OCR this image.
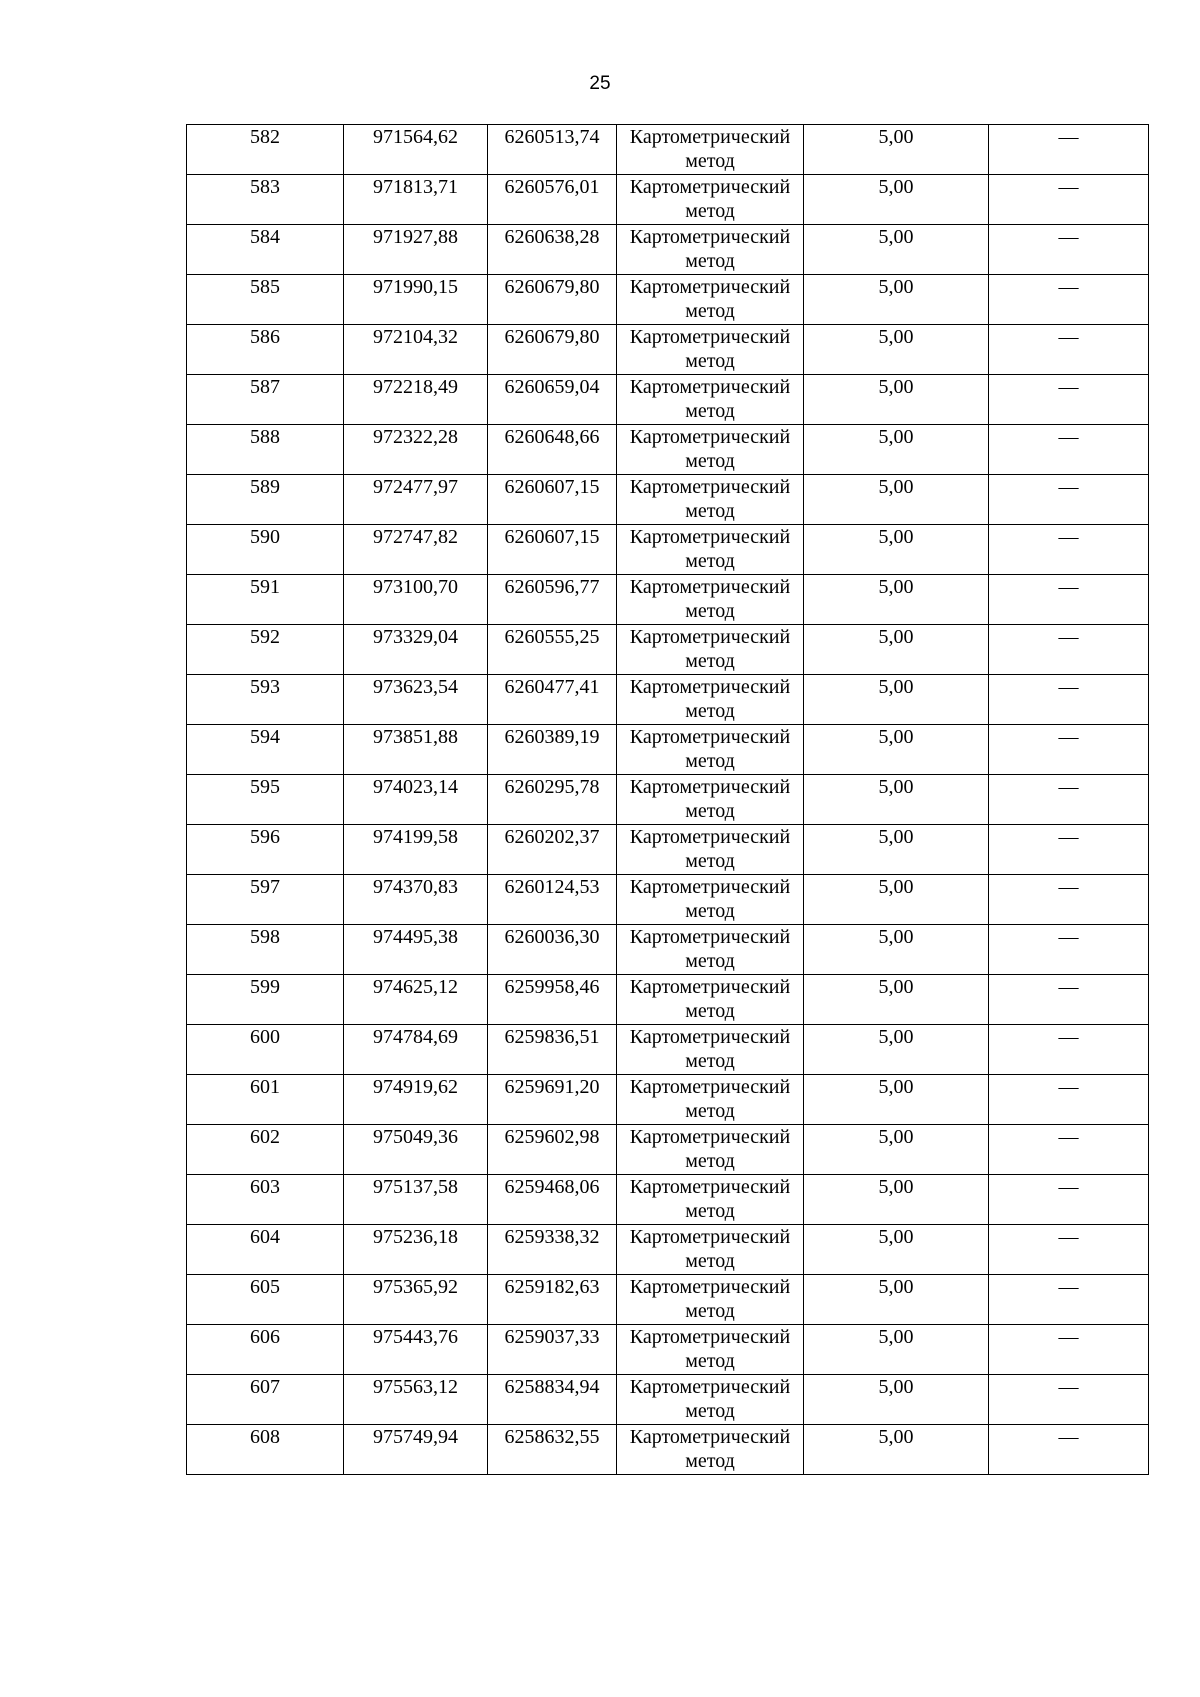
25
582	971564,62	6260513,74	Картометрический метод	5,00	—
583	971813,71	6260576,01	Картометрический метод	5,00	—
584	971927,88	6260638,28	Картометрический метод	5,00	—
585	971990,15	6260679,80	Картометрический метод	5,00	—
586	972104,32	6260679,80	Картометрический метод	5,00	—
587	972218,49	6260659,04	Картометрический метод	5,00	—
588	972322,28	6260648,66	Картометрический метод	5,00	—
589	972477,97	6260607,15	Картометрический метод	5,00	—
590	972747,82	6260607,15	Картометрический метод	5,00	—
591	973100,70	6260596,77	Картометрический метод	5,00	—
592	973329,04	6260555,25	Картометрический метод	5,00	—
593	973623,54	6260477,41	Картометрический метод	5,00	—
594	973851,88	6260389,19	Картометрический метод	5,00	—
595	974023,14	6260295,78	Картометрический метод	5,00	—
596	974199,58	6260202,37	Картометрический метод	5,00	—
597	974370,83	6260124,53	Картометрический метод	5,00	—
598	974495,38	6260036,30	Картометрический метод	5,00	—
599	974625,12	6259958,46	Картометрический метод	5,00	—
600	974784,69	6259836,51	Картометрический метод	5,00	—
601	974919,62	6259691,20	Картометрический метод	5,00	—
602	975049,36	6259602,98	Картометрический метод	5,00	—
603	975137,58	6259468,06	Картометрический метод	5,00	—
604	975236,18	6259338,32	Картометрический метод	5,00	—
605	975365,92	6259182,63	Картометрический метод	5,00	—
606	975443,76	6259037,33	Картометрический метод	5,00	—
607	975563,12	6258834,94	Картометрический метод	5,00	—
608	975749,94	6258632,55	Картометрический метод	5,00	—
